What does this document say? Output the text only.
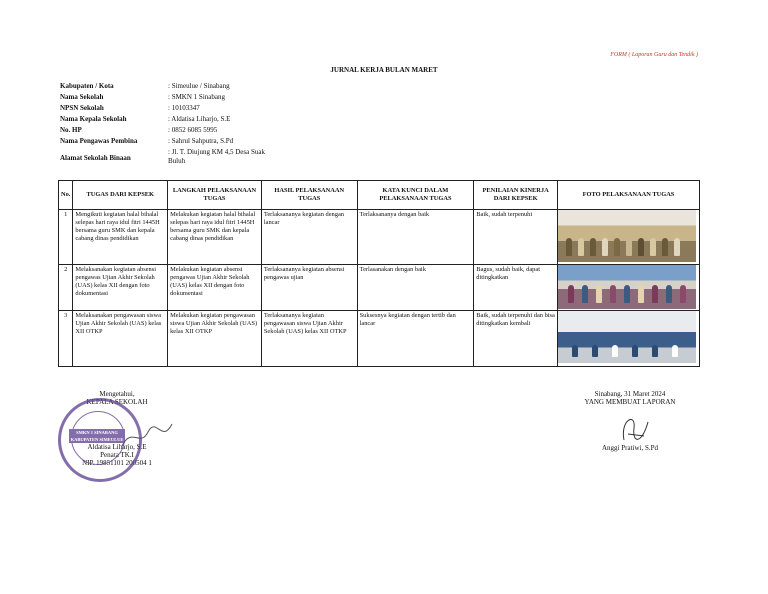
FORM ( Laporan Guru dan Tendik )
JURNAL KERJA BULAN MARET
Kabupaten / Kota	: Simeulue / Sinabang
Nama Sekolah	: SMKN 1 Sinabang
NPSN Sekolah	: 10103347
Nama Kepala Sekolah	: Aldatisa Liharjo, S.E
No. HP	: 0852 6085 5995
Nama Pengawas Pembina	: Sahrul Sahputra, S.Pd
Alamat Sekolah Binaan
: Jl. T. Diujung KM 4,5 Desa Suak Buluh
No.	TUGAS DARI KEPSEK	LANGKAH PELAKSANAAN TUGAS	HASIL PELAKSANAAN TUGAS	KATA KUNCI DALAM PELAKSANAAN TUGAS	PENILAIAN KINERJA DARI KEPSEK	FOTO PELAKSANAAN TUGAS
1	Mengikuti kegiatan halal bihalal selepas hari raya idul fitri 1445H bersama guru SMK dan kepala cabang dinas pendidikan	Melakukan kegiatan halal bihalal selepas hari raya idul fitri 1445H bersama guru SMK dan kepala cabang dinas pendidikan	Terlaksananya kegiatan dengan lancar	Terlaksananya dengan baik	Baik, sudah terpenuhi	

2	Melaksanakan kegiatan absensi pengawas Ujian Akhir Sekolah (UAS) kelas XII dengan foto dokumentasi	Melakukan kegiatan absensi pengawas Ujian Akhir Sekolah (UAS) kelas XII dengan foto dokumentasi	Terlaksananya kegiatan absensi pengawas ujian	Terlasanakan dengan baik	Bagus, sudah baik, dapat ditingkatkan	

3	Melaksanakan pengawasan siswa Ujian Akhir Sekolah (UAS) kelas XII OTKP	Melakukan kegiatan pengawasan siswa Ujian Akhir Sekolah (UAS) kelas XII OTKP	Terlaksananya kegiatan pengawasan siswa Ujian Akhir Sekolah (UAS) kelas XII OTKP	Suksesnya kegiatan dengan tertib dan lancar	Baik, sudah terpenuhi dan bisa ditingkatkan kembali	
Mengetahui,
KEPALA SEKOLAH
Aldatisa Liharjo, S.E
Penata TK.I
NIP. 19851101 200504 1
SMKN 1 SINABANG
KABUPATEN SIMEULUE
Sinabang, 31 Maret 2024
YANG MEMBUAT LAPORAN
Anggi Pratiwi, S.Pd
